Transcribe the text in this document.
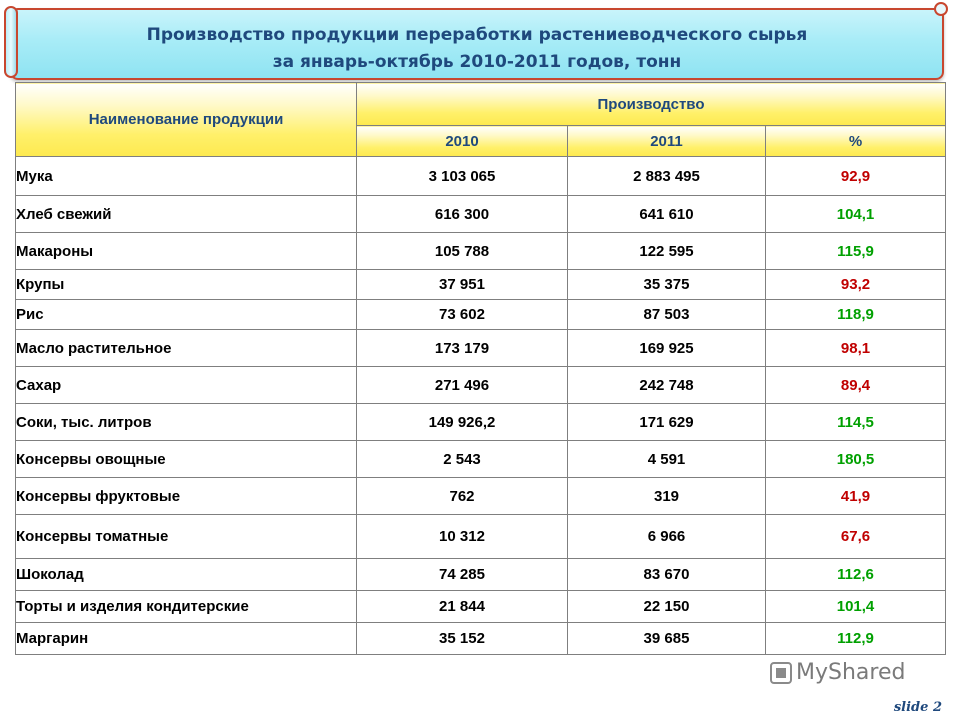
Производство продукции переработки растениеводческого сырья
за январь-октябрь 2010-2011 годов, тонн
Наименование продукции	Производство		
	2010	2011	%
Мука	3 103 065	2 883 495	92,9
Хлеб свежий	616 300	641 610	104,1
Макароны	105 788	122 595	115,9
Крупы	37 951	35 375	93,2
Рис	73 602	87 503	118,9
Масло растительное	173 179	169 925	98,1
Сахар	271 496	242 748	89,4
Соки, тыс. литров	149 926,2	171 629	114,5
Консервы овощные	2 543	4 591	180,5
Консервы фруктовые	762	319	41,9
Консервы томатные	10 312	6 966	67,6
Шоколад	74 285	83 670	112,6
Торты и изделия кондитерские	21 844	22 150	101,4
Маргарин	35 152	39 685	112,9
MyShared
slide 2
